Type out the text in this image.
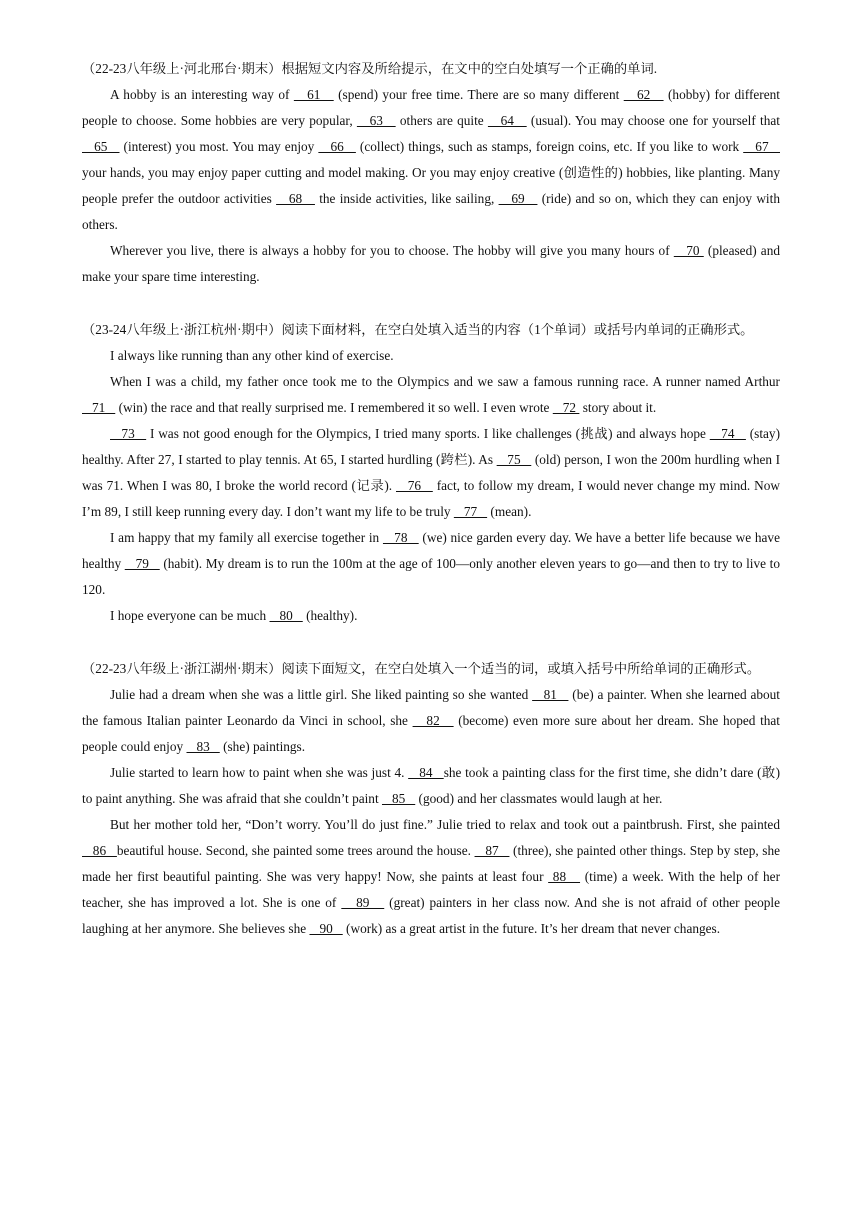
（22-23八年级上·河北邢台·期末）根据短文内容及所给提示，在文中的空白处填写一个正确的单词.
A hobby is an interesting way of    61    (spend) your free time. There are so many different    62    (hobby) for different people to choose. Some hobbies are very popular,    63    others are quite    64    (usual). You may choose one for yourself that    65    (interest) you most. You may enjoy    66    (collect) things, such as stamps, foreign coins, etc. If you like to work    67    your hands, you may enjoy paper cutting and model making. Or you may enjoy creative (创造性的) hobbies, like planting. Many people prefer the outdoor activities    68    the inside activities, like sailing,    69    (ride) and so on, which they can enjoy with others.
Wherever you live, there is always a hobby for you to choose. The hobby will give you many hours of    70  (pleased) and make your spare time interesting.
（23-24八年级上·浙江杭州·期中）阅读下面材料，在空白处填入适当的内容（1个单词）或括号内单词的正确形式。
I always like running than any other kind of exercise.
When I was a child, my father once took me to the Olympics and we saw a famous running race. A runner named Arthur    71    (win) the race and that really surprised me. I remembered it so well. I even wrote    72  story about it.
73    I was not good enough for the Olympics, I tried many sports. I like challenges (挑战) and always hope    74    (stay) healthy. After 27, I started to play tennis. At 65, I started hurdling (跨栏). As    75    (old) person, I won the 200m hurdling when I was 71. When I was 80, I broke the world record (记录).    76    fact, to follow my dream, I would never change my mind. Now I’m 89, I still keep running every day. I don’t want my life to be truly    77    (mean).
I am happy that my family all exercise together in    78    (we) nice garden every day. We have a better life because we have healthy    79    (habit). My dream is to run the 100m at the age of 100—only another eleven years to go—and then to try to live to 120.
I hope everyone can be much    80    (healthy).
（22-23八年级上·浙江湖州·期末）阅读下面短文，在空白处填入一个适当的词，或填入括号中所给单词的正确形式。
Julie had a dream when she was a little girl. She liked painting so she wanted    81    (be) a painter. When she learned about the famous Italian painter Leonardo da Vinci in school, she    82    (become) even more sure about her dream. She hoped that people could enjoy    83    (she) paintings.
Julie started to learn how to paint when she was just 4.    84   she took a painting class for the first time, she didn’t dare (敢) to paint anything. She was afraid that she couldn’t paint    85    (good) and her classmates would laugh at her.
But her mother told her, “Don’t worry. You’ll do just fine.” Julie tried to relax and took out a paintbrush. First, she painted    86   beautiful house. Second, she painted some trees around the house.    87    (three), she painted other things. Step by step, she made her first beautiful painting. She was very happy! Now, she paints at least four  88    (time) a week. With the help of her teacher, she has improved a lot. She is one of    89    (great) painters in her class now. And she is not afraid of other people laughing at her anymore. She believes she    90    (work) as a great artist in the future. It’s her dream that never changes.
